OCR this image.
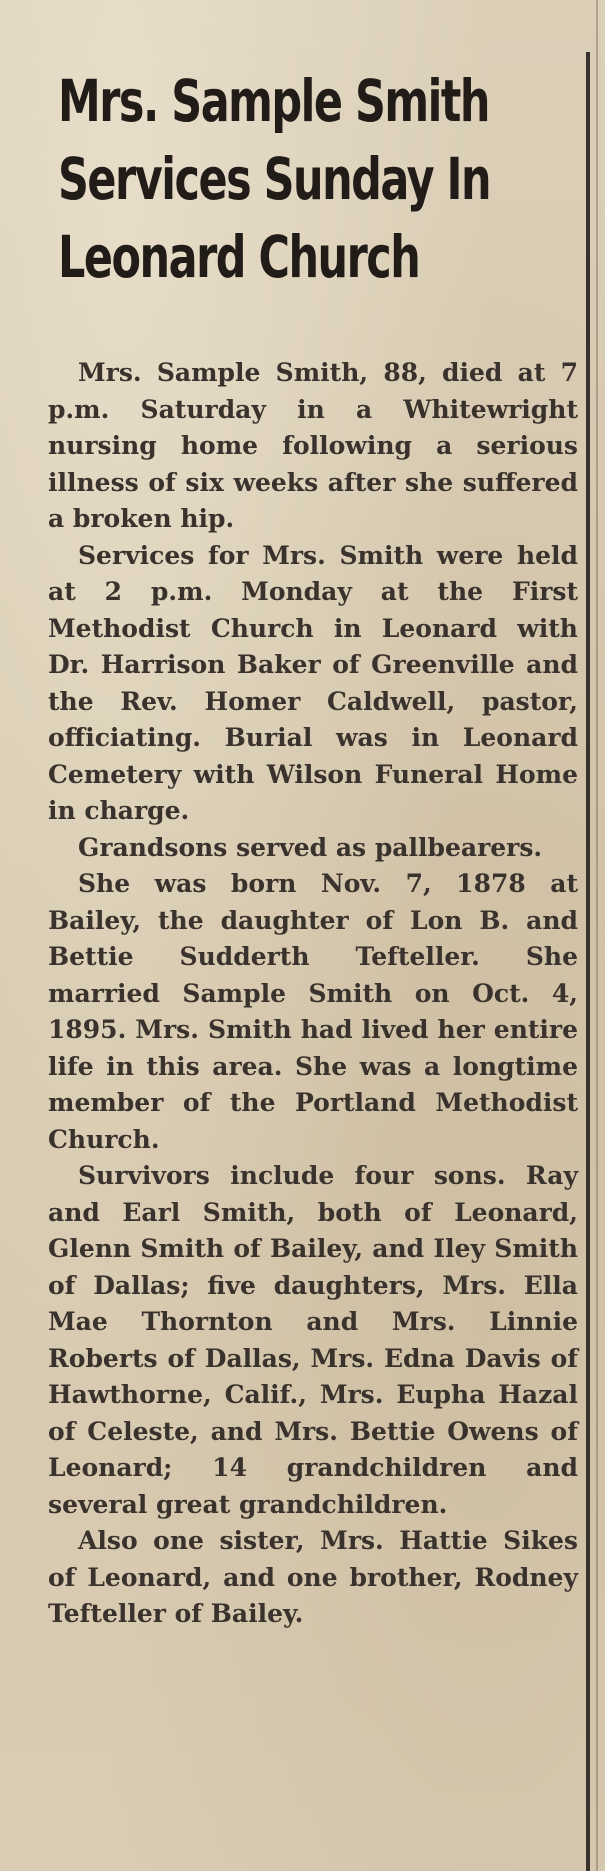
Mrs. Sample Smith
Services Sunday In
Leonard Church

Mrs. Sample Smith, 88, died at 7 p.m. Saturday in a Whitewright nursing home following a serious illness of six weeks after she suffered a broken hip.

Services for Mrs. Smith were held at 2 p.m. Monday at the First Methodist Church in Leonard with Dr. Harrison Baker of Greenville and the Rev. Homer Caldwell, pastor, officiating. Burial was in Leonard Cemetery with Wilson Funeral Home in charge.

Grandsons served as pallbearers.

She was born Nov. 7, 1878 at Bailey, the daughter of Lon B. and Bettie Sudderth Tefteller. She married Sample Smith on Oct. 4, 1895. Mrs. Smith had lived her entire life in this area. She was a longtime member of the Portland Methodist Church.

Survivors include four sons. Ray and Earl Smith, both of Leonard, Glenn Smith of Bailey, and Iley Smith of Dallas; five daughters, Mrs. Ella Mae Thornton and Mrs. Linnie Roberts of Dallas, Mrs. Edna Davis of Hawthorne, Calif., Mrs. Eupha Hazal of Celeste, and Mrs. Bettie Owens of Leonard; 14 grandchildren and several great grandchildren.

Also one sister, Mrs. Hattie Sikes of Leonard, and one brother, Rodney Tefteller of Bailey.
